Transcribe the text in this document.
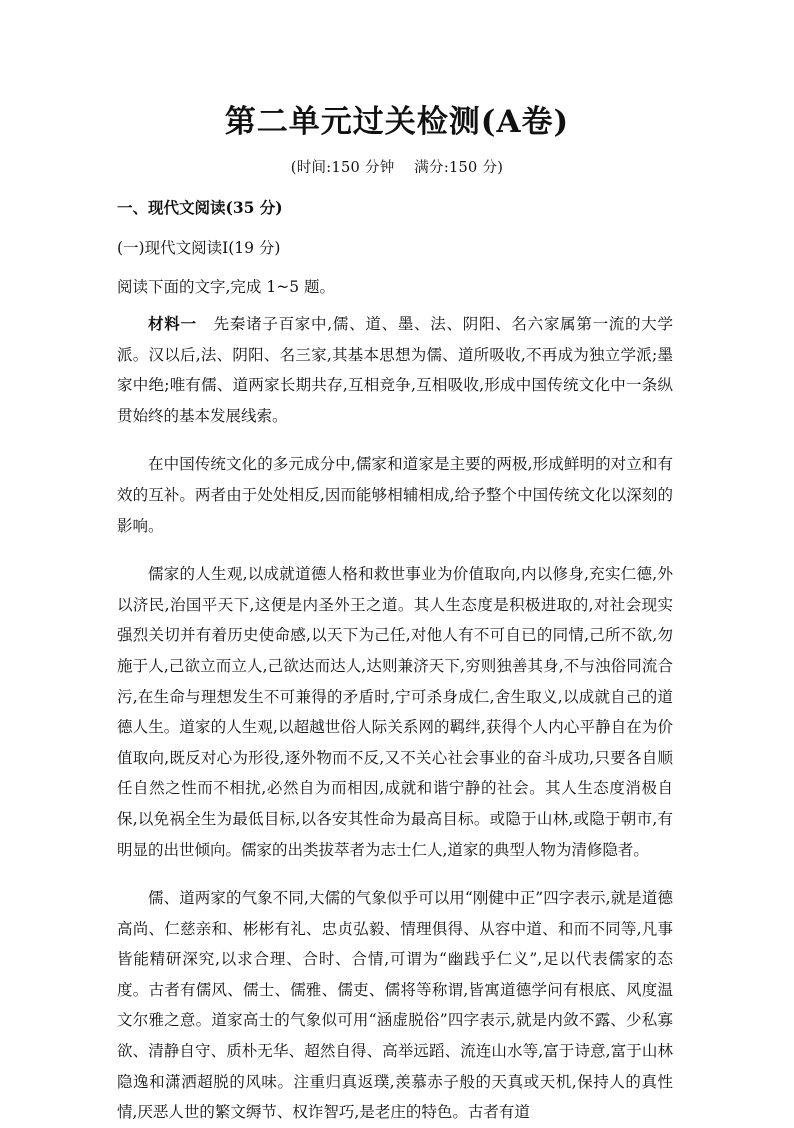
第二单元过关检测(A卷)
(时间:150 分钟    满分:150 分)
一、现代文阅读(35 分)
(一)现代文阅读Ⅰ(19 分)
阅读下面的文字,完成 1~5 题。

材料一 先秦诸子百家中,儒、道、墨、法、阴阳、名六家属第一流的大学派。汉以后,法、阴阳、名三家,其基本思想为儒、道所吸收,不再成为独立学派;墨家中绝;唯有儒、道两家长期共存,互相竞争,互相吸收,形成中国传统文化中一条纵贯始终的基本发展线索。

在中国传统文化的多元成分中,儒家和道家是主要的两极,形成鲜明的对立和有效的互补。两者由于处处相反,因而能够相辅相成,给予整个中国传统文化以深刻的影响。

儒家的人生观,以成就道德人格和救世事业为价值取向,内以修身,充实仁德,外以济民,治国平天下,这便是内圣外王之道。其人生态度是积极进取的,对社会现实强烈关切并有着历史使命感,以天下为己任,对他人有不可自已的同情,己所不欲,勿施于人,己欲立而立人,己欲达而达人,达则兼济天下,穷则独善其身,不与浊俗同流合污,在生命与理想发生不可兼得的矛盾时,宁可杀身成仁,舍生取义,以成就自己的道德人生。道家的人生观,以超越世俗人际关系网的羁绊,获得个人内心平静自在为价值取向,既反对心为形役,逐外物而不反,又不关心社会事业的奋斗成功,只要各自顺任自然之性而不相扰,必然自为而相因,成就和谐宁静的社会。其人生态度消极自保,以免祸全生为最低目标,以各安其性命为最高目标。或隐于山林,或隐于朝市,有明显的出世倾向。儒家的出类拔萃者为志士仁人,道家的典型人物为清修隐者。

儒、道两家的气象不同,大儒的气象似乎可以用“刚健中正”四字表示,就是道德高尚、仁慈亲和、彬彬有礼、忠贞弘毅、情理俱得、从容中道、和而不同等,凡事皆能精研深究,以求合理、合时、合情,可谓为“幽践乎仁义”,足以代表儒家的态度。古者有儒风、儒士、儒雅、儒吏、儒将等称谓,皆寓道德学问有根底、风度温文尔雅之意。道家高士的气象似可用“涵虚脱俗”四字表示,就是内敛不露、少私寡欲、清静自守、质朴无华、超然自得、高举远蹈、流连山水等,富于诗意,富于山林隐逸和潇洒超脱的风味。注重归真返璞,羡慕赤子般的天真或天机,保持人的真性情,厌恶人世的繁文缛节、权诈智巧,是老庄的特色。古者有道
